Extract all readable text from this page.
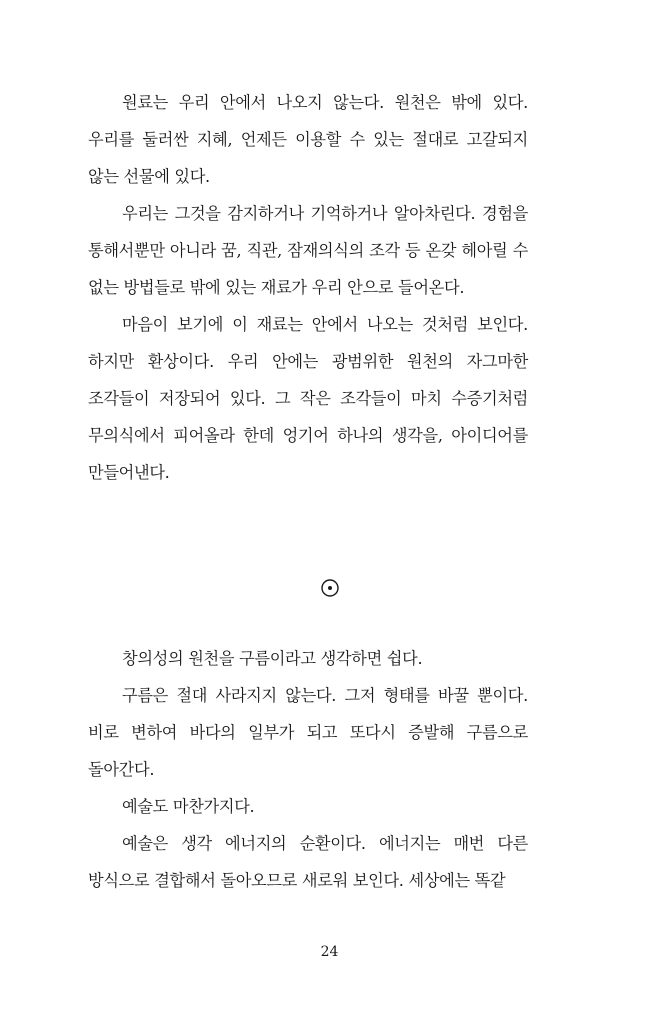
원료는 우리 안에서 나오지 않는다. 원천은 밖에 있다. 우리를 둘러싼 지혜, 언제든 이용할 수 있는 절대로 고갈되지 않는 선물에 있다.

우리는 그것을 감지하거나 기억하거나 알아차린다. 경험을 통해서뿐만 아니라 꿈, 직관, 잠재의식의 조각 등 온갖 헤아릴 수 없는 방법들로 밖에 있는 재료가 우리 안으로 들어온다.

마음이 보기에 이 재료는 안에서 나오는 것처럼 보인다. 하지만 환상이다. 우리 안에는 광범위한 원천의 자그마한 조각들이 저장되어 있다. 그 작은 조각들이 마치 수증기처럼 무의식에서 피어올라 한데 엉기어 하나의 생각을, 아이디어를 만들어낸다.

창의성의 원천을 구름이라고 생각하면 쉽다.

구름은 절대 사라지지 않는다. 그저 형태를 바꿀 뿐이다. 비로 변하여 바다의 일부가 되고 또다시 증발해 구름으로 돌아간다.

예술도 마찬가지다.

예술은 생각 에너지의 순환이다. 에너지는 매번 다른 방식으로 결합해서 돌아오므로 새로워 보인다. 세상에는 똑같

24
